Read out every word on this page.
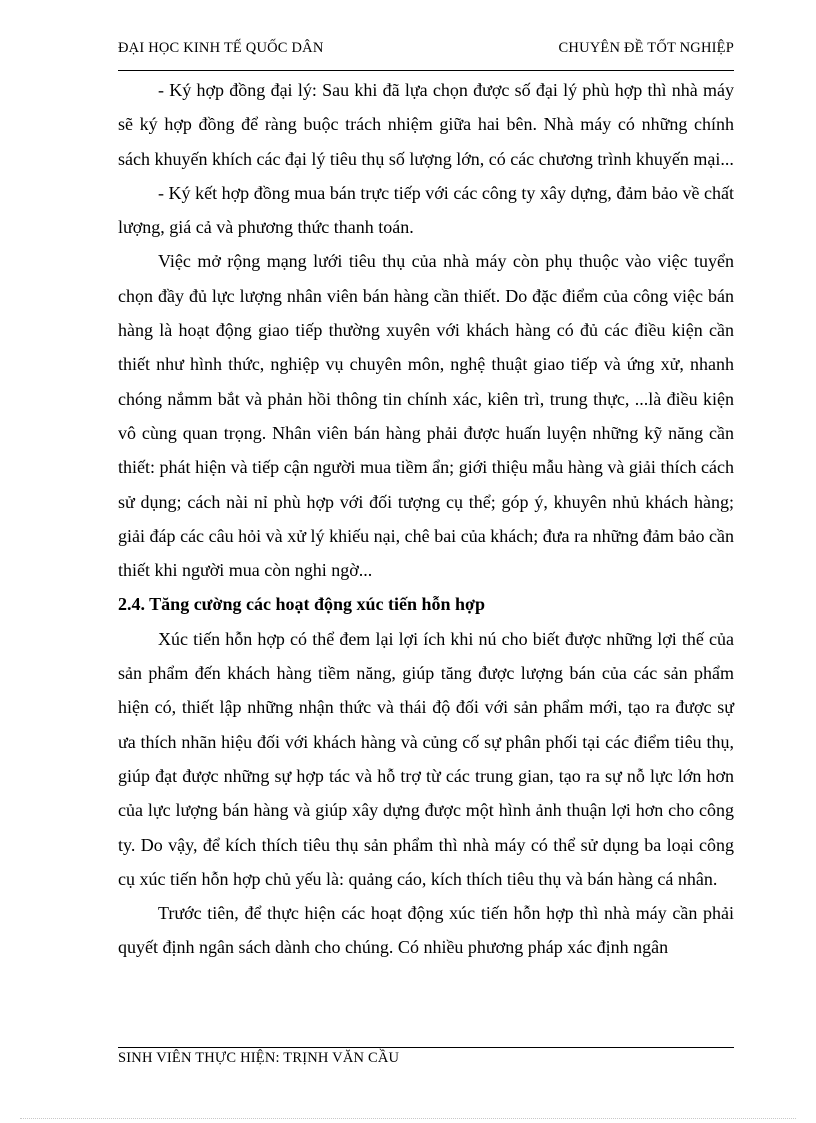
ĐẠI HỌC KINH TẾ QUỐC DÂN	CHUYÊN ĐỀ TỐT NGHIỆP

- Ký hợp đồng đại lý: Sau khi đã lựa chọn được số đại lý phù hợp thì nhà máy sẽ ký hợp đồng để ràng buộc trách nhiệm giữa hai bên. Nhà máy có những chính sách khuyến khích các đại lý tiêu thụ số lượng lớn, có các chương trình khuyến mại...

- Ký kết hợp đồng mua bán trực tiếp với các công ty xây dựng, đảm bảo về chất lượng, giá cả và phương thức thanh toán.

Việc mở rộng mạng lưới tiêu thụ của nhà máy còn phụ thuộc vào việc tuyển chọn đầy đủ lực lượng nhân viên bán hàng cần thiết. Do đặc điểm của công việc bán hàng là hoạt động giao tiếp thường xuyên với khách hàng có đủ các điều kiện cần thiết như hình thức, nghiệp vụ chuyên môn, nghệ thuật giao tiếp và ứng xử, nhanh chóng nắmm bắt và phản hồi thông tin chính xác, kiên trì, trung thực, ...là điều kiện vô cùng quan trọng. Nhân viên bán hàng phải được huấn luyện những kỹ năng cần thiết: phát hiện và tiếp cận người mua tiềm ẩn; giới thiệu mẫu hàng và giải thích cách sử dụng; cách nài nỉ phù hợp với đối tượng cụ thể; góp ý, khuyên nhủ khách hàng; giải đáp các câu hỏi và xử lý khiếu nại, chê bai của khách; đưa ra những đảm bảo cần thiết khi người mua còn nghi ngờ...

2.4. Tăng cường các hoạt động xúc tiến hỗn hợp

Xúc tiến hỗn hợp có thể đem lại lợi ích khi nú cho biết được những lợi thế của sản phẩm đến khách hàng tiềm năng, giúp tăng được lượng bán của các sản phẩm hiện có, thiết lập những nhận thức và thái độ đối với sản phẩm mới, tạo ra được sự ưa thích nhãn hiệu đối với khách hàng và củng cố sự phân phối tại các điểm tiêu thụ, giúp đạt được những sự hợp tác và hỗ trợ từ các trung gian, tạo ra sự nỗ lực lớn hơn của lực lượng bán hàng và giúp xây dựng được một hình ảnh thuận lợi hơn cho công ty. Do vậy, để kích thích tiêu thụ sản phẩm thì nhà máy có thể sử dụng ba loại công cụ xúc tiến hỗn hợp chủ yếu là: quảng cáo, kích thích tiêu thụ và bán hàng cá nhân.

Trước tiên, để thực hiện các hoạt động xúc tiến hỗn hợp thì nhà máy cần phải quyết định ngân sách dành cho chúng. Có nhiều phương pháp xác định ngân

SINH VIÊN THỰC HIỆN: TRỊNH VĂN CẦU
